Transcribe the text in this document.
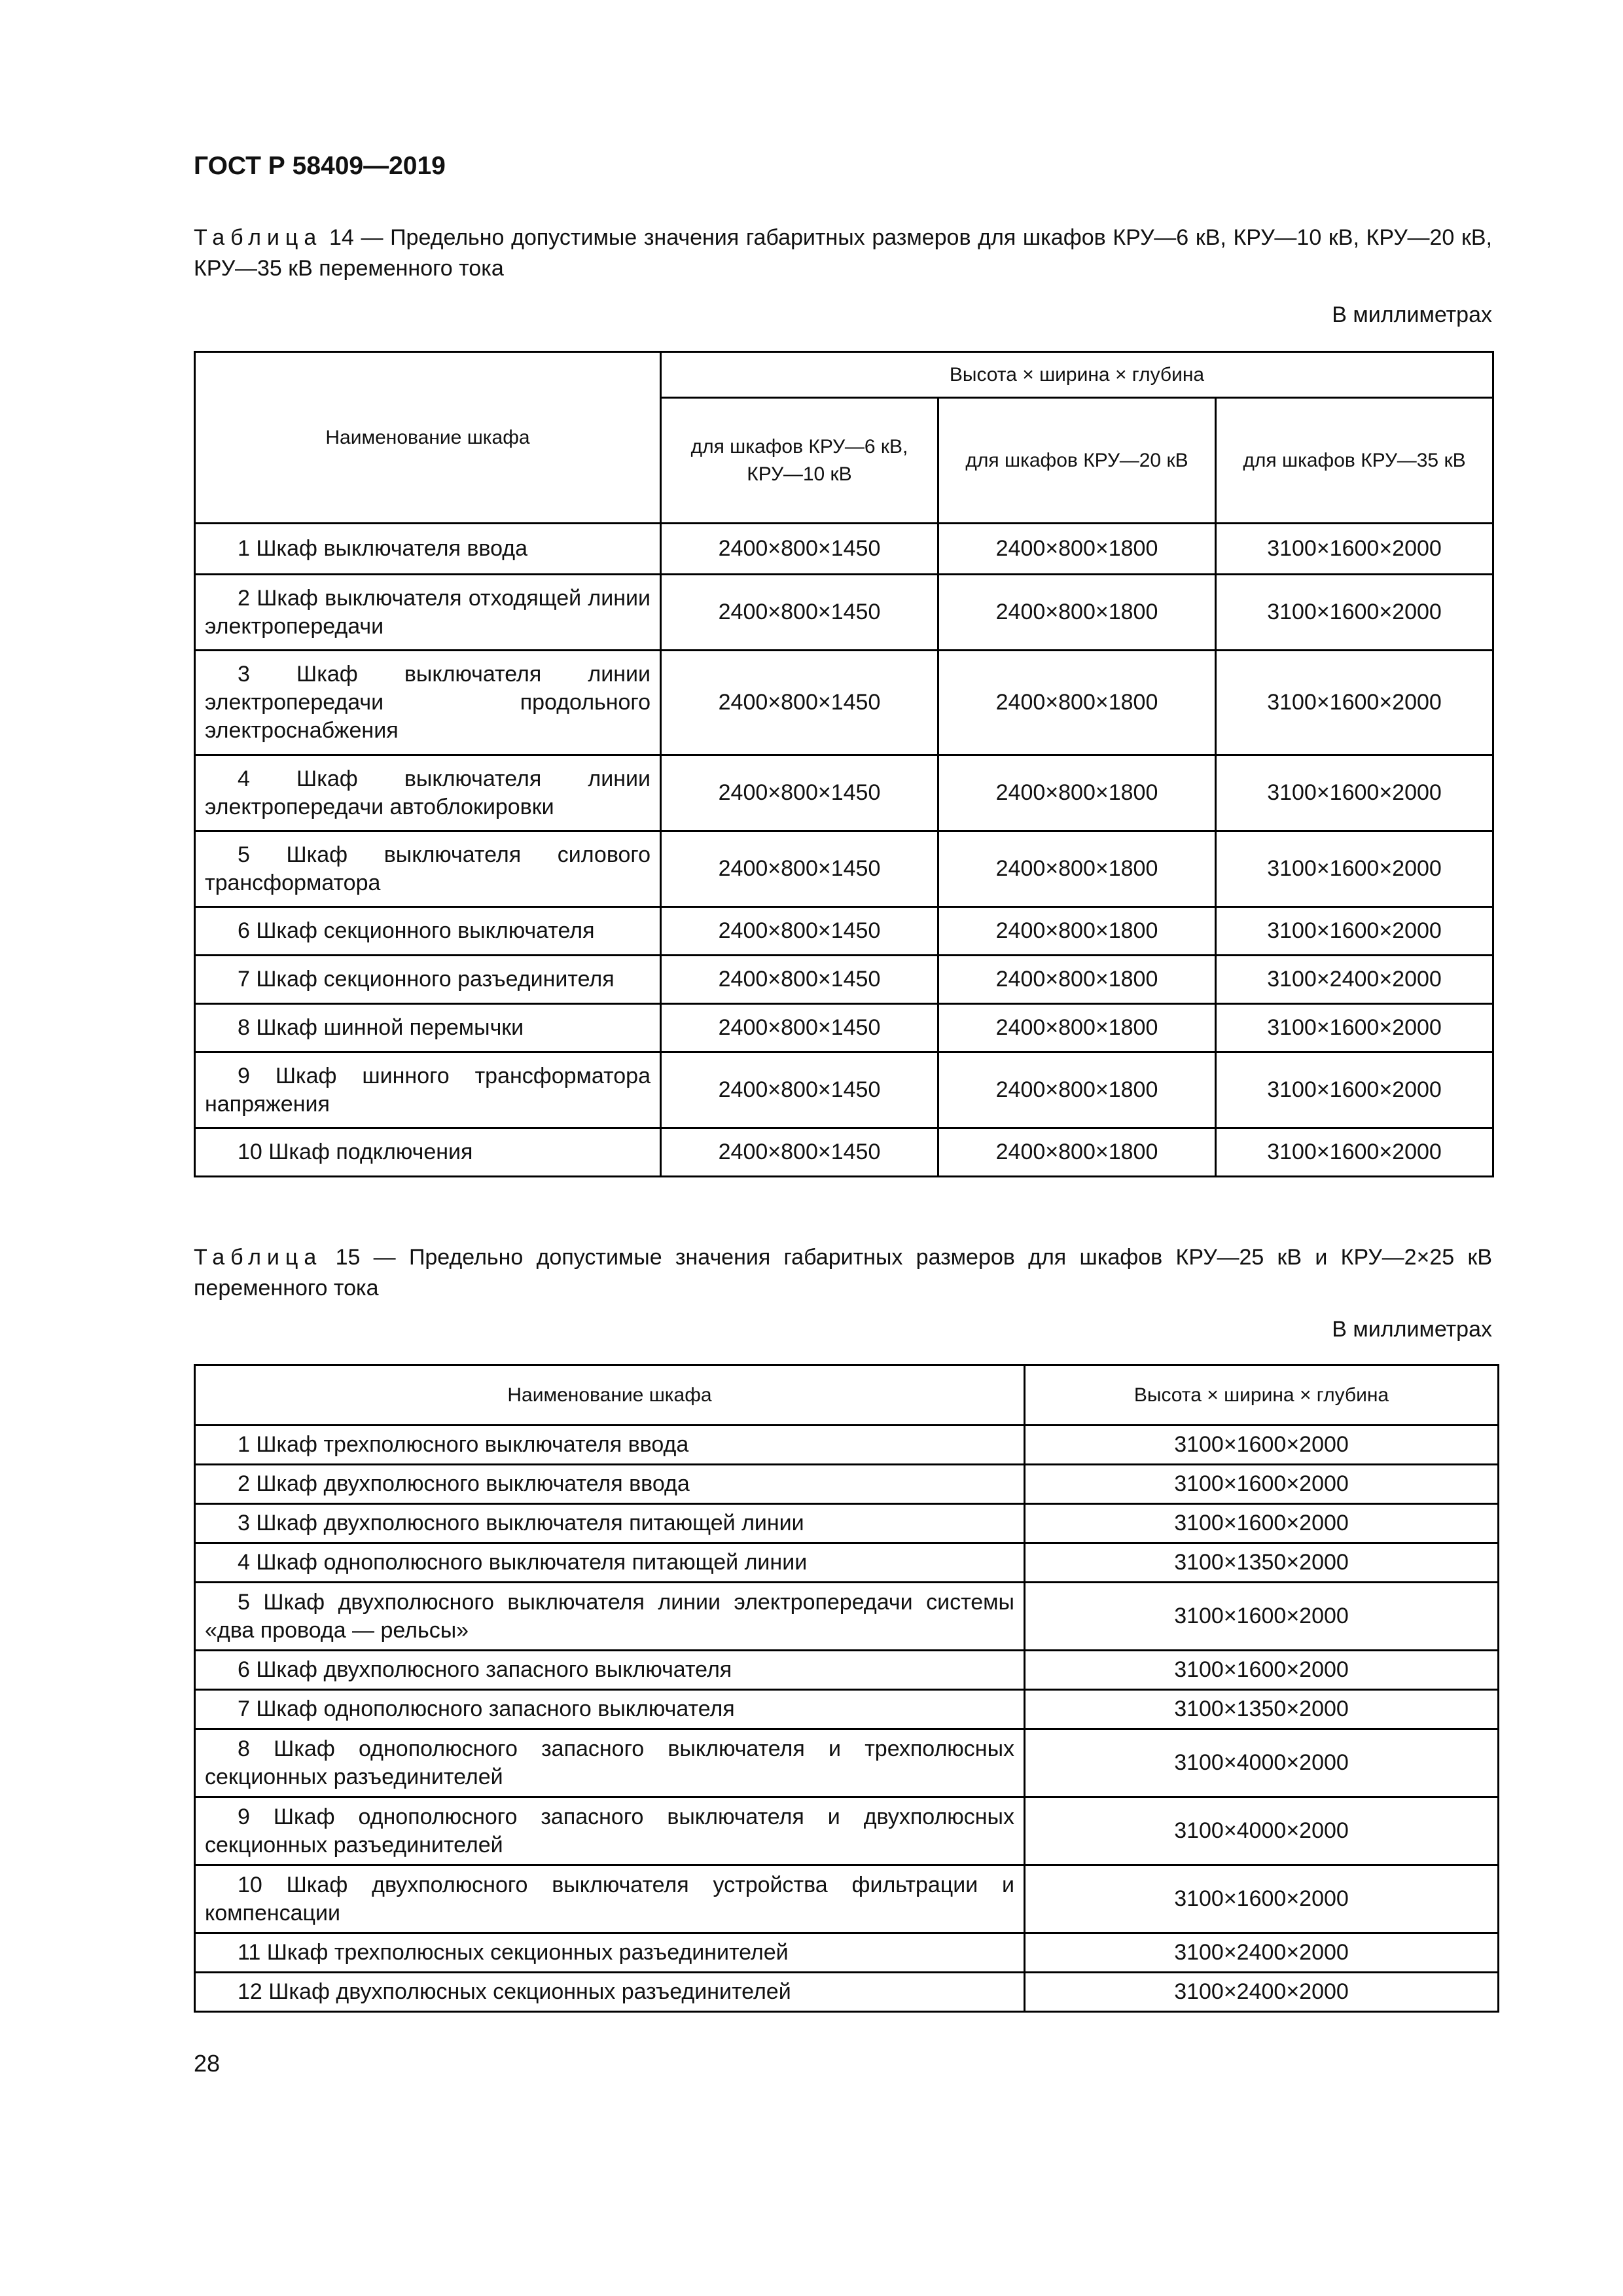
ГОСТ Р 58409—2019
Таблица 14 — Предельно допустимые значения габаритных размеров для шкафов КРУ—6 кВ, КРУ—10 кВ, КРУ—20 кВ, КРУ—35 кВ переменного тока
В миллиметрах
Наименование шкафа	Высота × ширина × глубина		
	для шкафов КРУ—6 кВ, КРУ—10 кВ	для шкафов КРУ—20 кВ	для шкафов КРУ—35 кВ
1 Шкаф выключателя ввода	2400×800×1450	2400×800×1800	3100×1600×2000
2 Шкаф выключателя отходящей линии электропередачи	2400×800×1450	2400×800×1800	3100×1600×2000
3 Шкаф выключателя линии электропередачи продольного электроснабжения	2400×800×1450	2400×800×1800	3100×1600×2000
4 Шкаф выключателя линии электропередачи автоблокировки	2400×800×1450	2400×800×1800	3100×1600×2000
5 Шкаф выключателя силового трансформатора	2400×800×1450	2400×800×1800	3100×1600×2000
6 Шкаф секционного выключателя	2400×800×1450	2400×800×1800	3100×1600×2000
7 Шкаф секционного разъединителя	2400×800×1450	2400×800×1800	3100×2400×2000
8 Шкаф шинной перемычки	2400×800×1450	2400×800×1800	3100×1600×2000
9 Шкаф шинного трансформатора напряжения	2400×800×1450	2400×800×1800	3100×1600×2000
10 Шкаф подключения	2400×800×1450	2400×800×1800	3100×1600×2000
Таблица 15 — Предельно допустимые значения габаритных размеров для шкафов КРУ—25 кВ и КРУ—2×25 кВ переменного тока
В миллиметрах
Наименование шкафа	Высота × ширина × глубина
1 Шкаф трехполюсного выключателя ввода	3100×1600×2000
2 Шкаф двухполюсного выключателя ввода	3100×1600×2000
3 Шкаф двухполюсного выключателя питающей линии	3100×1600×2000
4 Шкаф однополюсного выключателя питающей линии	3100×1350×2000
5 Шкаф двухполюсного выключателя линии электропередачи системы «два провода — рельсы»	3100×1600×2000
6 Шкаф двухполюсного запасного выключателя	3100×1600×2000
7 Шкаф однополюсного запасного выключателя	3100×1350×2000
8 Шкаф однополюсного запасного выключателя и трехполюсных секционных разъединителей	3100×4000×2000
9 Шкаф однополюсного запасного выключателя и двухполюсных секционных разъединителей	3100×4000×2000
10 Шкаф двухполюсного выключателя устройства фильтрации и компенсации	3100×1600×2000
11 Шкаф трехполюсных секционных разъединителей	3100×2400×2000
12 Шкаф двухполюсных секционных разъединителей	3100×2400×2000
28
